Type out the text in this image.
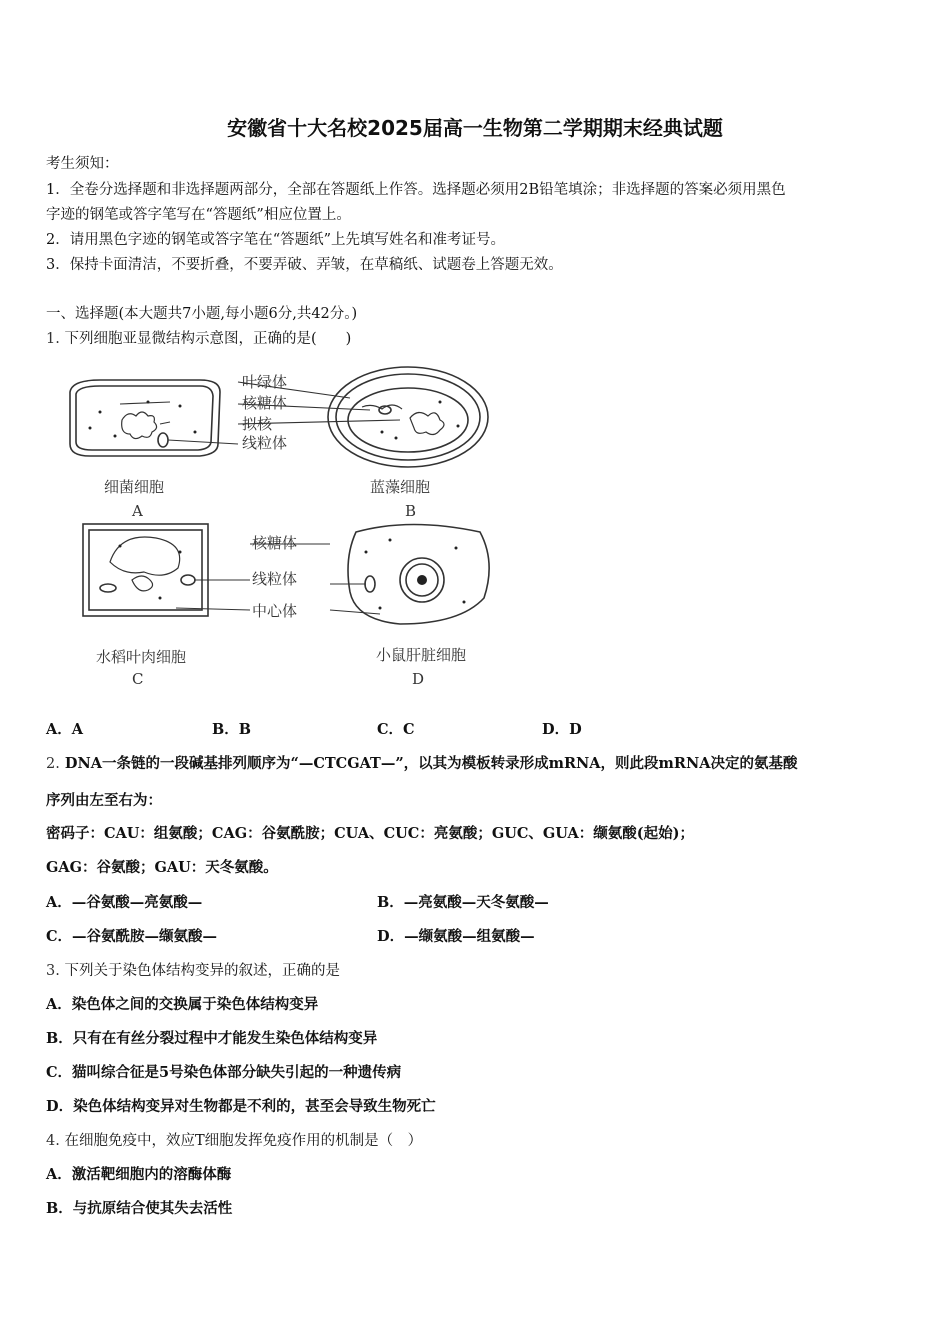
安徽省十大名校2025届高一生物第二学期期末经典试题
考生须知：
1．全卷分选择题和非选择题两部分，全部在答题纸上作答。选择题必须用2B铅笔填涂；非选择题的答案必须用黑色
字迹的钢笔或答字笔写在“答题纸”相应位置上。
2．请用黑色字迹的钢笔或答字笔在“答题纸”上先填写姓名和准考证号。
3．保持卡面清洁，不要折叠，不要弄破、弄皱，在草稿纸、试题卷上答题无效。
一、选择题(本大题共7小题,每小题6分,共42分。)
1. 下列细胞亚显微结构示意图，正确的是(　　)
叶绿体
核糖体
拟核
线粒体
核糖体
线粒体
中心体
细菌细胞
A
蓝藻细胞
B
水稻叶肉细胞
C
小鼠肝脏细胞
D
A．A	B．B	C．C	D．D
2. DNA一条链的一段碱基排列顺序为“—CTCGAT—”，以其为模板转录形成mRNA，则此段mRNA决定的氨基酸
序列由左至右为：
密码子：CAU：组氨酸；CAG：谷氨酰胺；CUA、CUC：亮氨酸；GUC、GUA：缬氨酸(起始)；
GAG：谷氨酸；GAU：天冬氨酸。
A．—谷氨酸—亮氨酸—	B．—亮氨酸—天冬氨酸—
C．—谷氨酰胺—缬氨酸—	D．—缬氨酸—组氨酸—
3. 下列关于染色体结构变异的叙述，正确的是
A．染色体之间的交换属于染色体结构变异
B．只有在有丝分裂过程中才能发生染色体结构变异
C．猫叫综合征是5号染色体部分缺失引起的一种遗传病
D．染色体结构变异对生物都是不利的，甚至会导致生物死亡
4. 在细胞免疫中，效应T细胞发挥免疫作用的机制是（　）
A．激活靶细胞内的溶酶体酶
B．与抗原结合使其失去活性
